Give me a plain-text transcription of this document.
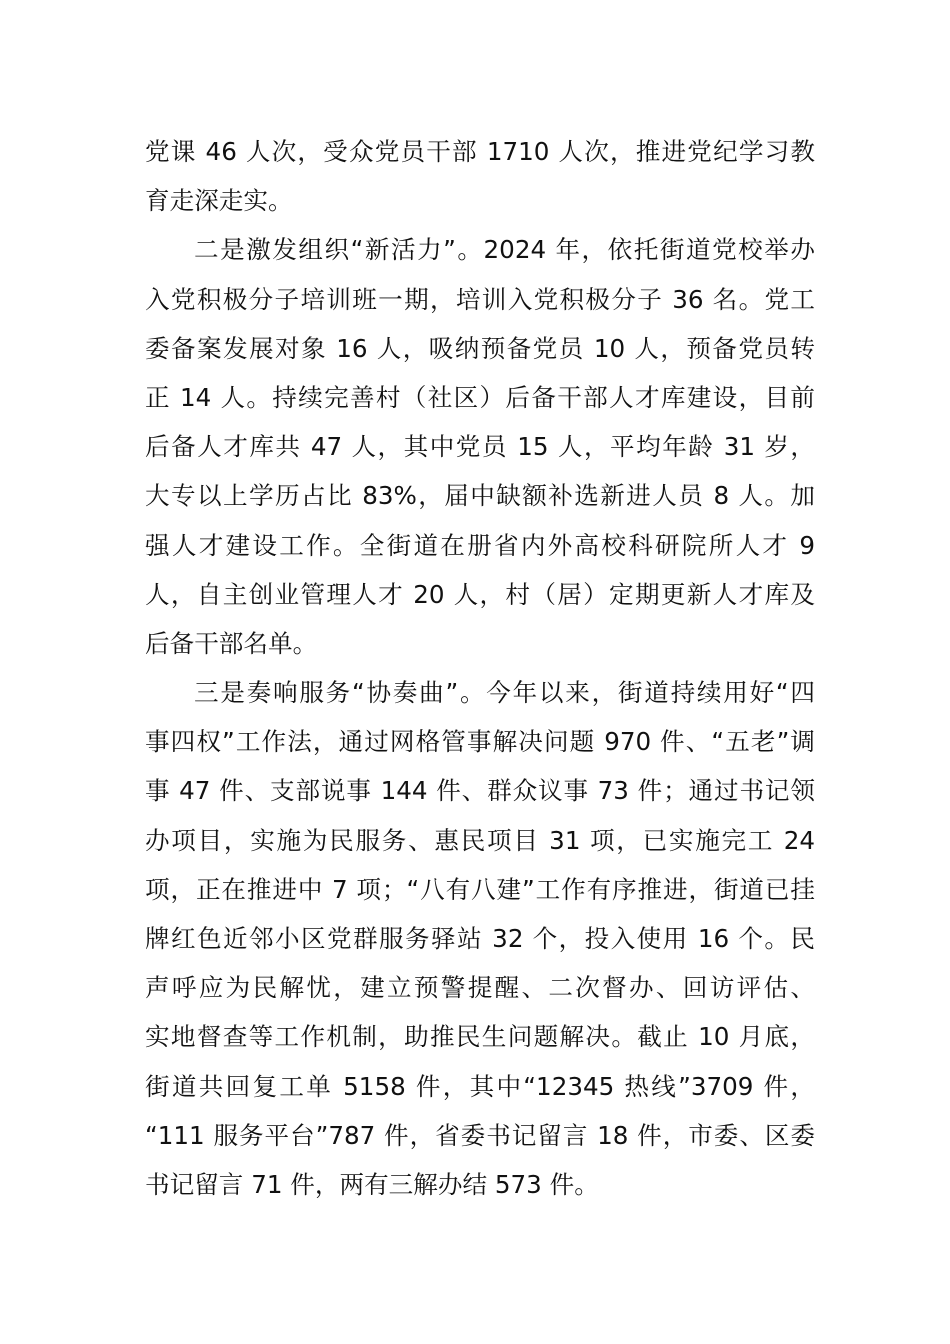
党课 46 人次，受众党员干部 1710 人次，推进党纪学习教
育走深走实。
二是激发组织“新活力”。2024 年，依托街道党校举办
入党积极分子培训班一期，培训入党积极分子 36 名。党工
委备案发展对象 16 人，吸纳预备党员 10 人，预备党员转
正 14 人。持续完善村（社区）后备干部人才库建设，目前
后备人才库共 47 人，其中党员 15 人，平均年龄 31 岁，
大专以上学历占比 83%，届中缺额补选新进人员 8 人。加
强人才建设工作。全街道在册省内外高校科研院所人才 9
人，自主创业管理人才 20 人，村（居）定期更新人才库及
后备干部名单。
三是奏响服务“协奏曲”。今年以来，街道持续用好“四
事四权”工作法，通过网格管事解决问题 970 件、“五老”调
事 47 件、支部说事 144 件、群众议事 73 件；通过书记领
办项目，实施为民服务、惠民项目 31 项，已实施完工 24
项，正在推进中 7 项；“八有八建”工作有序推进，街道已挂
牌红色近邻小区党群服务驿站 32 个，投入使用 16 个。民
声呼应为民解忧，建立预警提醒、二次督办、回访评估、
实地督查等工作机制，助推民生问题解决。截止 10 月底，
街道共回复工单 5158 件，其中“12345 热线”3709 件，
“111 服务平台”787 件，省委书记留言 18 件，市委、区委
书记留言 71 件，两有三解办结 573 件。
